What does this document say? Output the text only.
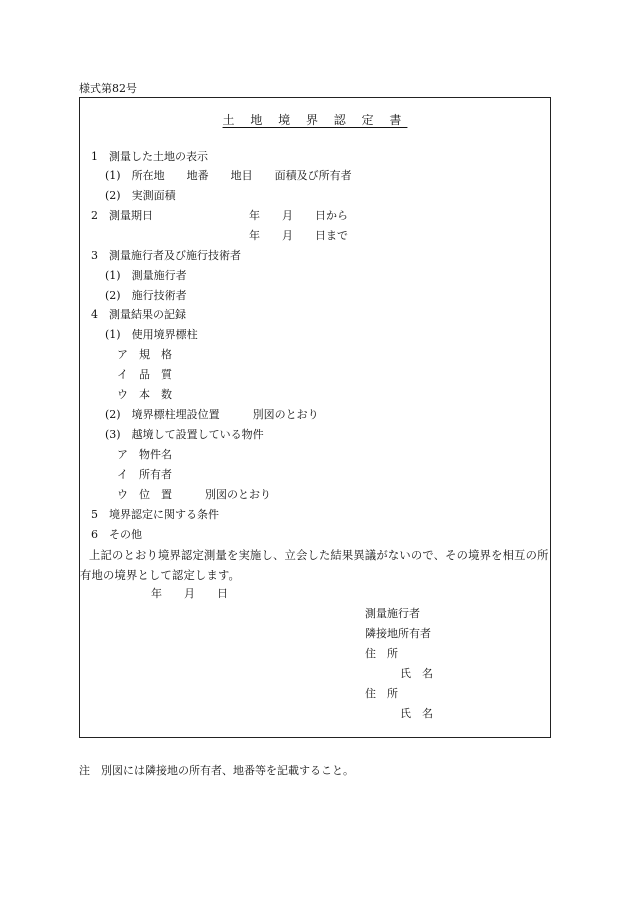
様式第82号
土 地 境 界 認 定 書
1　測量した土地の表示
(1)　所在地　　地番　　地目　　面積及び所有者
(2)　実測面積
2　測量期日	年　　月　　日から
年　　月　　日まで
3　測量施行者及び施行技術者
(1)　測量施行者
(2)　施行技術者
4　測量結果の記録
(1)　使用境界標柱
ア　規　格
イ　品　質
ウ　本　数
(2)　境界標柱埋設位置　　　別図のとおり
(3)　越境して設置している物件
ア　物件名
イ　所有者
ウ　位　置　　　別図のとおり
5　境界認定に関する条件
6　その他
上記のとおり境界認定測量を実施し、立会した結果異議がないので、その境界を相互の所有地の境界として認定します。
年　　月　　日
測量施行者
隣接地所有者
住　所
氏　名
住　所
氏　名
注　別図には隣接地の所有者、地番等を記載すること。
